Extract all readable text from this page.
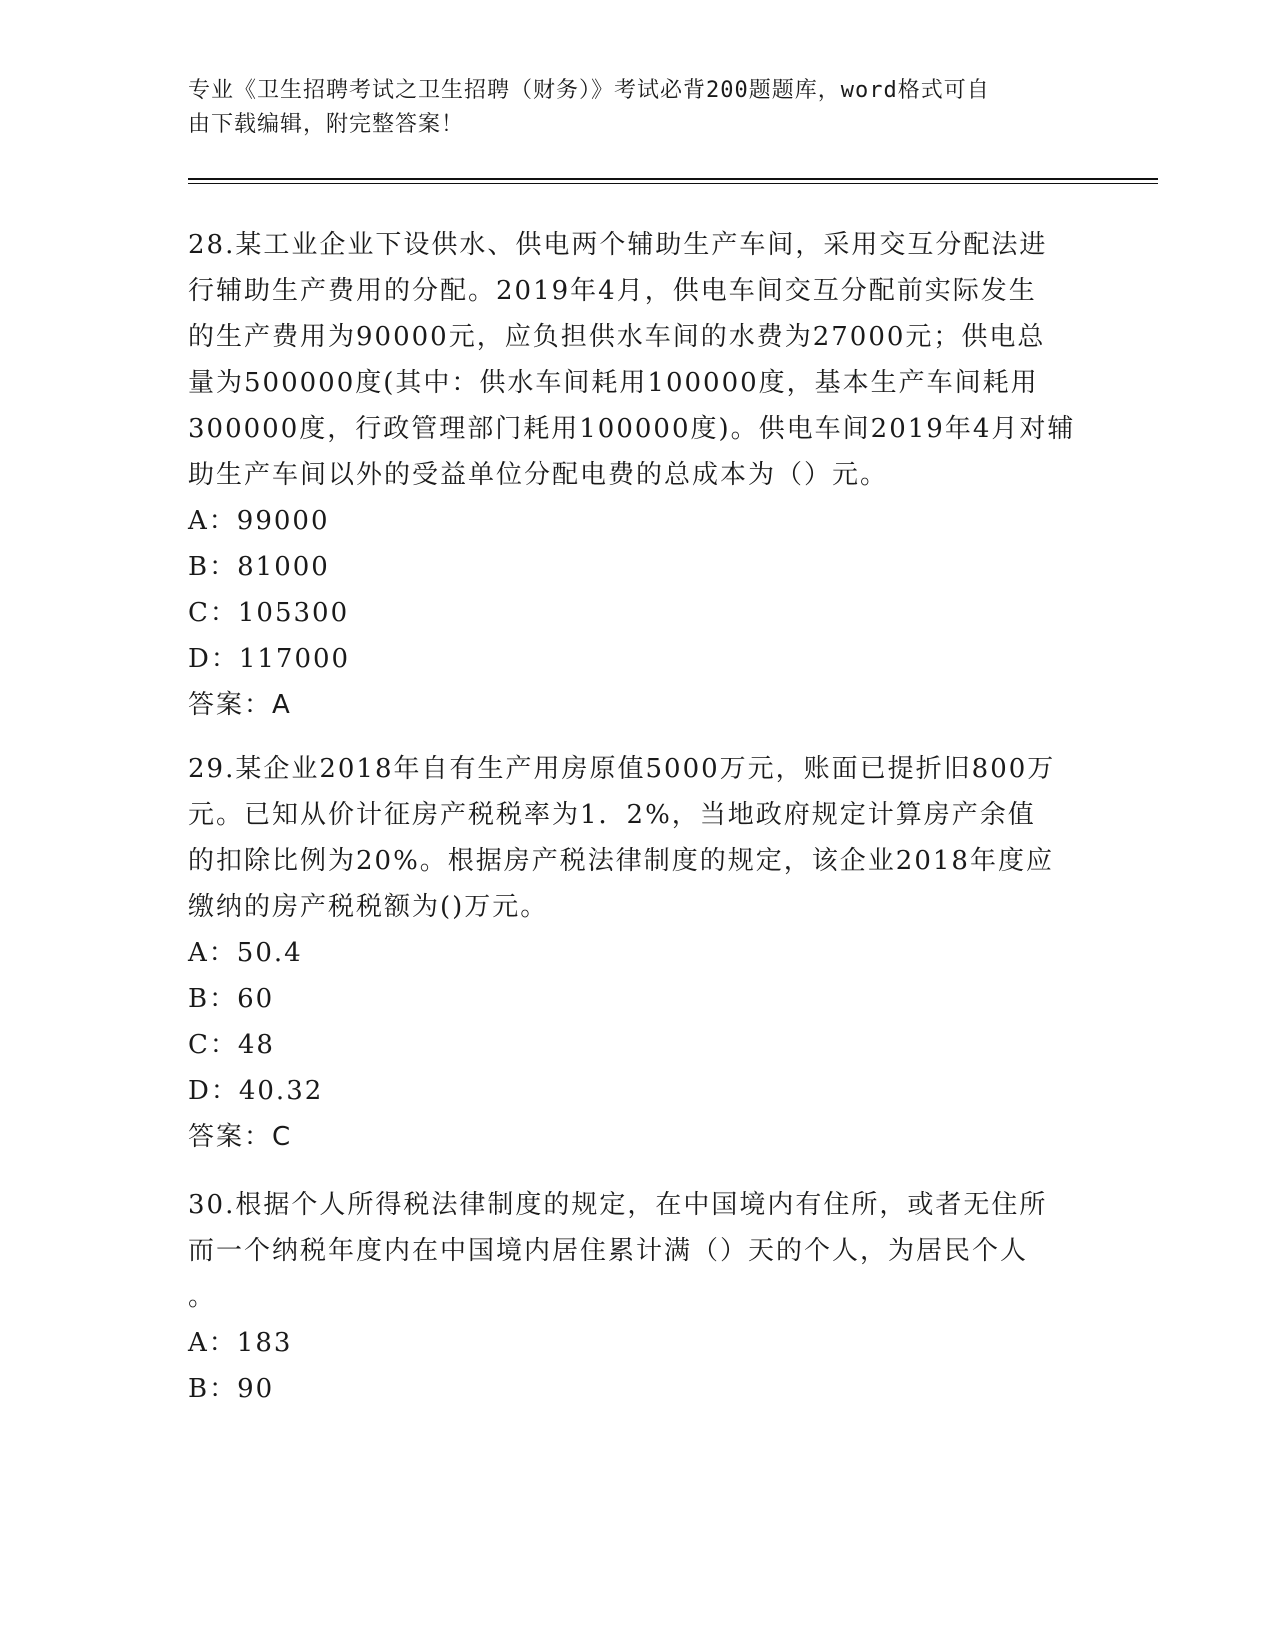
专业《卫生招聘考试之卫生招聘（财务）》考试必背200题题库，word格式可自
由下载编辑，附完整答案！
28.某工业企业下设供水、供电两个辅助生产车间，采用交互分配法进
行辅助生产费用的分配。2019年4月，供电车间交互分配前实际发生
的生产费用为90000元，应负担供水车间的水费为27000元；供电总
量为500000度(其中：供水车间耗用100000度，基本生产车间耗用
300000度，行政管理部门耗用100000度)。供电车间2019年4月对辅
助生产车间以外的受益单位分配电费的总成本为（）元。

A：99000

B：81000

C：105300

D：117000

答案：A

29.某企业2018年自有生产用房原值5000万元，账面已提折旧800万
元。已知从价计征房产税税率为1．2%，当地政府规定计算房产余值
的扣除比例为20%。根据房产税法律制度的规定，该企业2018年度应
缴纳的房产税税额为()万元。

A：50.4

B：60

C：48

D：40.32

答案：C

30.根据个人所得税法律制度的规定，在中国境内有住所，或者无住所
而一个纳税年度内在中国境内居住累计满（）天的个人，为居民个人
。

A：183

B：90
